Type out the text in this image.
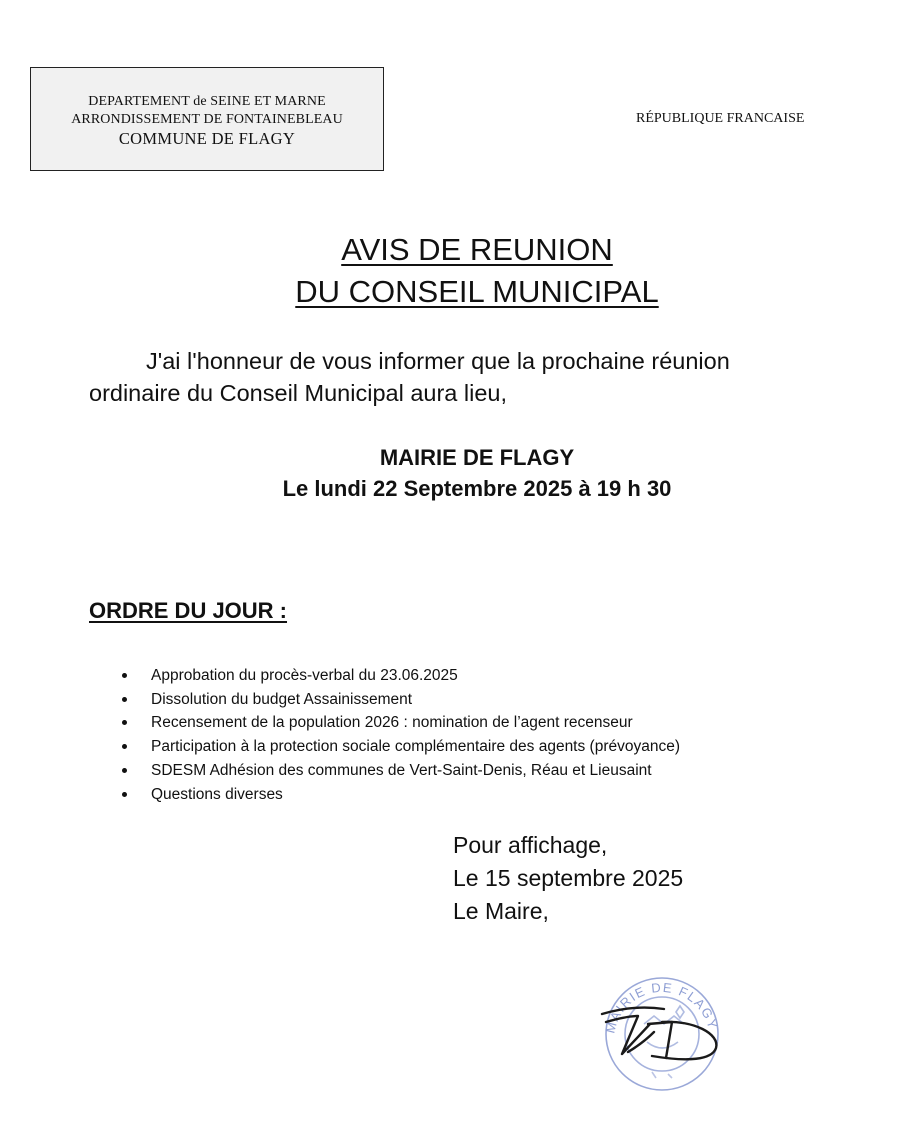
DEPARTEMENT de SEINE ET MARNE
ARRONDISSEMENT DE FONTAINEBLEAU
COMMUNE DE FLAGY
RÉPUBLIQUE FRANCAISE
AVIS DE REUNION
DU CONSEIL MUNICIPAL
J'ai l'honneur de vous informer que la prochaine réunion
ordinaire du Conseil Municipal aura lieu,
MAIRIE DE FLAGY
Le lundi 22 Septembre 2025 à 19 h 30
ORDRE DU JOUR :
Approbation du procès-verbal du 23.06.2025
Dissolution du budget Assainissement
Recensement de la population 2026 : nomination de l’agent recenseur
Participation à la protection sociale complémentaire des agents (prévoyance)
SDESM Adhésion des communes de Vert-Saint-Denis, Réau et Lieusaint
Questions diverses
Pour affichage,
Le 15 septembre 2025
Le Maire,
MAIRIE DE FLAGY
